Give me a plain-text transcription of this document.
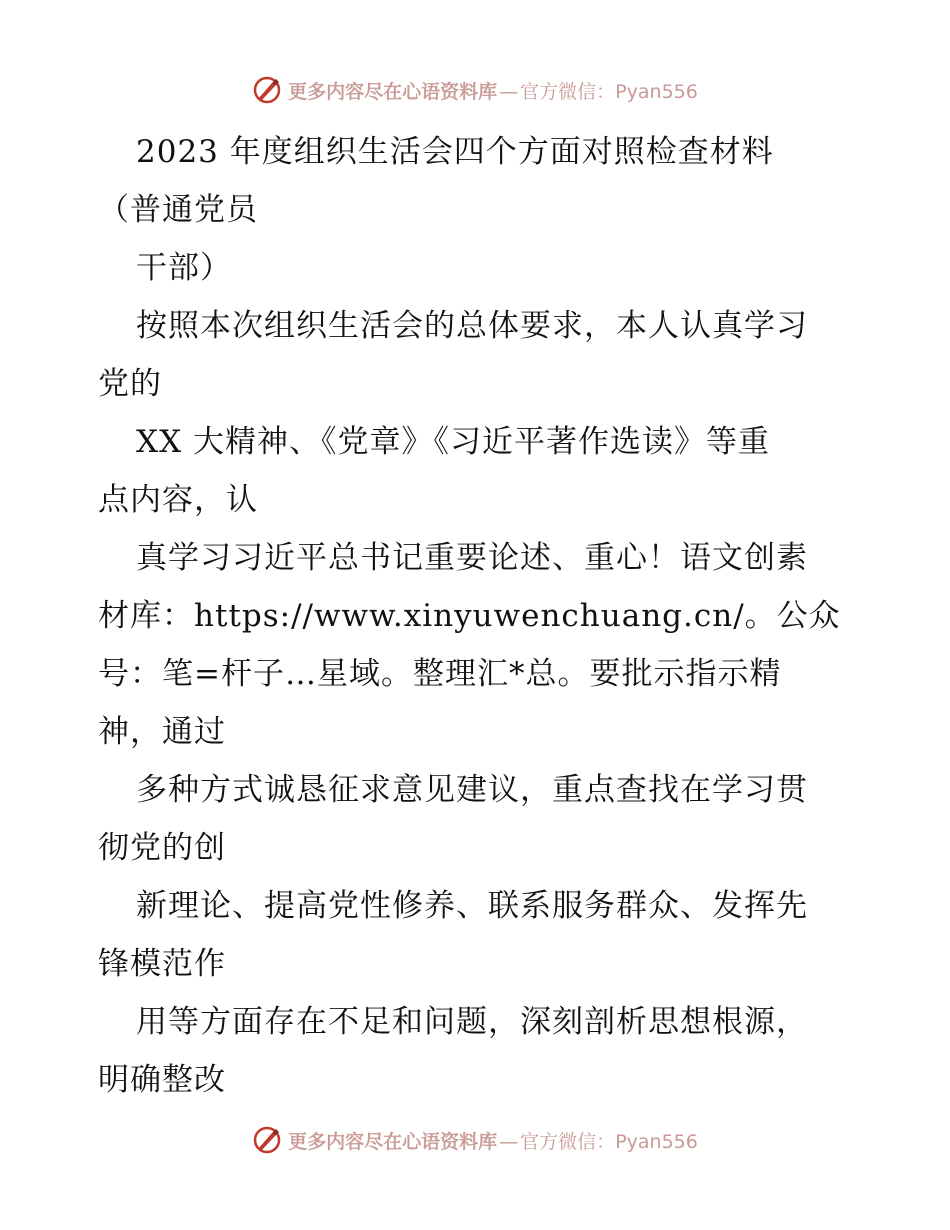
更多内容尽在心语资料库 — 官方微信：Pyan556
2023 年度组织生活会四个方面对照检查材料
（普通党员
干部）
按照本次组织生活会的总体要求，本人认真学习
党的
XX 大精神、《党章》《习近平著作选读》等重
点内容，认
真学习习近平总书记重要论述、重心！语文创素
材库：https://www.xinyuwenchuang.cn/。公众
号：笔=杆子…星域。整理汇*总。要批示指示精
神，通过
多种方式诚恳征求意见建议，重点查找在学习贯
彻党的创
新理论、提高党性修养、联系服务群众、发挥先
锋模范作
用等方面存在不足和问题，深刻剖析思想根源，
明确整改
更多内容尽在心语资料库 — 官方微信：Pyan556
